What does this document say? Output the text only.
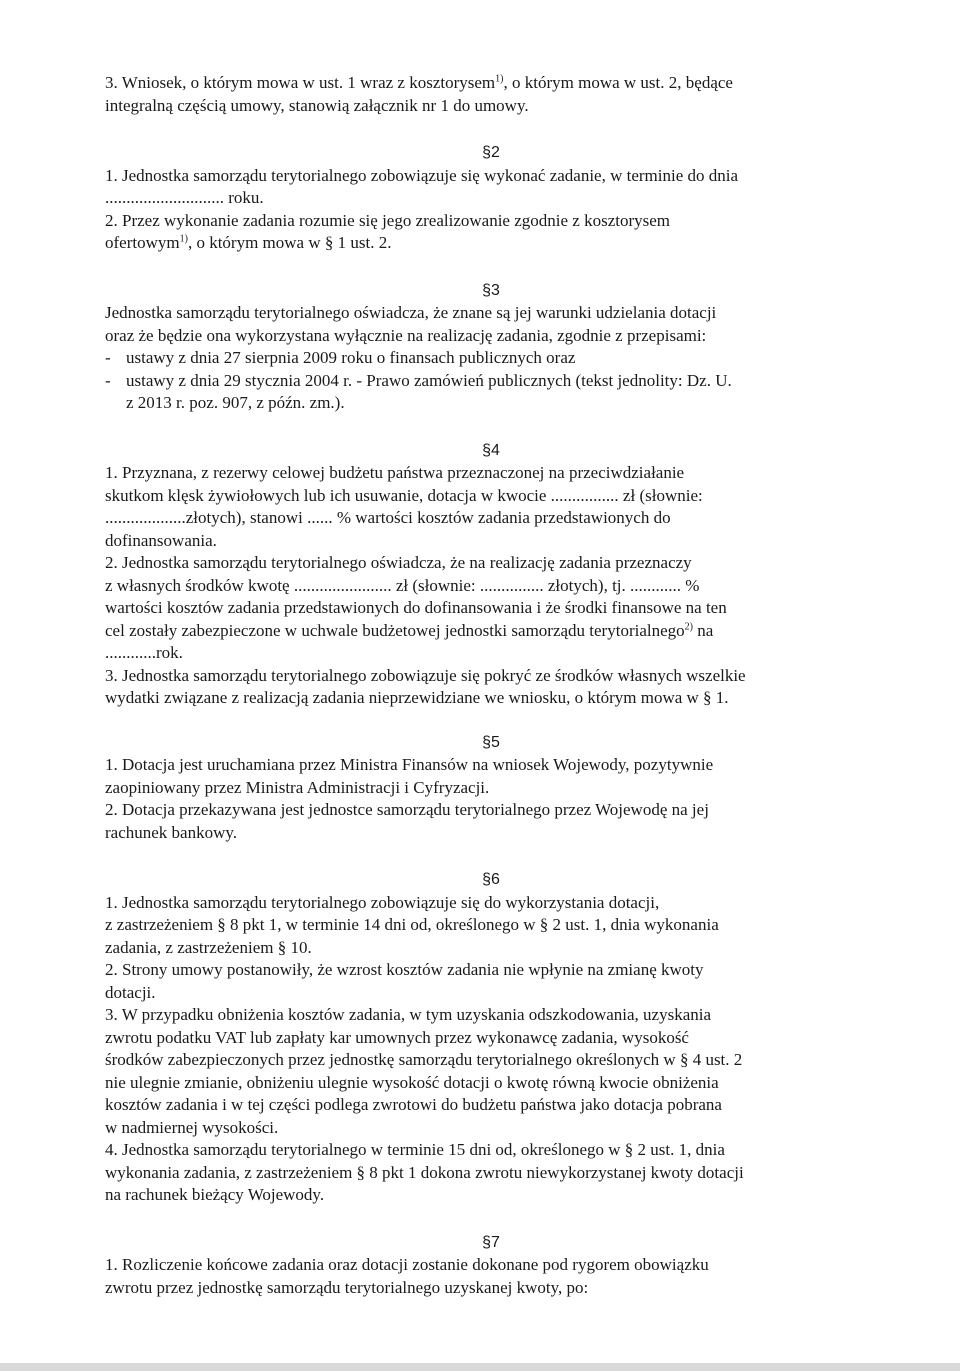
3. Wniosek, o którym mowa w ust. 1 wraz z kosztorysem$^{1)}$, o którym mowa w ust. 2, będące
integralną częścią umowy, stanowią załącznik nr 1 do umowy.

§2

1. Jednostka samorządu terytorialnego zobowiązuje się wykonać zadanie, w terminie do dnia
............................ roku.

2. Przez wykonanie zadania rozumie się jego zrealizowanie zgodnie z kosztorysem
ofertowym$^{1)}$, o którym mowa w § 1 ust. 2.

§3

Jednostka samorządu terytorialnego oświadcza, że znane są jej warunki udzielania dotacji
oraz że będzie ona wykorzystana wyłącznie na realizację zadania, zgodnie z przepisami:

- ustawy z dnia 27 sierpnia 2009 roku o finansach publicznych oraz
- ustawy z dnia 29 stycznia 2004 r. - Prawo zamówień publicznych (tekst jednolity: Dz. U.
z 2013 r. poz. 907, z późn. zm.).

§4

1. Przyznana, z rezerwy celowej budżetu państwa przeznaczonej na przeciwdziałanie
skutkom klęsk żywiołowych lub ich usuwanie, dotacja w kwocie ................ zł (słownie:
...................złotych), stanowi ...... % wartości kosztów zadania przedstawionych do
dofinansowania.

2. Jednostka samorządu terytorialnego oświadcza, że na realizację zadania przeznaczy
z własnych środków kwotę ....................... zł (słownie: ............... złotych), tj. ............ %
wartości kosztów zadania przedstawionych do dofinansowania i że środki finansowe na ten
cel zostały zabezpieczone w uchwale budżetowej jednostki samorządu terytorialnego$^{2)}$ na
............rok.

3. Jednostka samorządu terytorialnego zobowiązuje się pokryć ze środków własnych wszelkie
wydatki związane z realizacją zadania nieprzewidziane we wniosku, o którym mowa w § 1.

§5

1. Dotacja jest uruchamiana przez Ministra Finansów na wniosek Wojewody, pozytywnie
zaopiniowany przez Ministra Administracji i Cyfryzacji.

2. Dotacja przekazywana jest jednostce samorządu terytorialnego przez Wojewodę na jej
rachunek bankowy.

§6

1. Jednostka samorządu terytorialnego zobowiązuje się do wykorzystania dotacji,
z zastrzeżeniem § 8 pkt 1, w terminie 14 dni od, określonego w § 2 ust. 1, dnia wykonania
zadania, z zastrzeżeniem § 10.

2. Strony umowy postanowiły, że wzrost kosztów zadania nie wpłynie na zmianę kwoty
dotacji.

3. W przypadku obniżenia kosztów zadania, w tym uzyskania odszkodowania, uzyskania
zwrotu podatku VAT lub zapłaty kar umownych przez wykonawcę zadania, wysokość
środków zabezpieczonych przez jednostkę samorządu terytorialnego określonych w § 4 ust. 2
nie ulegnie zmianie, obniżeniu ulegnie wysokość dotacji o kwotę równą kwocie obniżenia
kosztów zadania i w tej części podlega zwrotowi do budżetu państwa jako dotacja pobrana
w nadmiernej wysokości.

4. Jednostka samorządu terytorialnego w terminie 15 dni od, określonego w § 2 ust. 1, dnia
wykonania zadania, z zastrzeżeniem § 8 pkt 1 dokona zwrotu niewykorzystanej kwoty dotacji
na rachunek bieżący Wojewody.

§7

1. Rozliczenie końcowe zadania oraz dotacji zostanie dokonane pod rygorem obowiązku
zwrotu przez jednostkę samorządu terytorialnego uzyskanej kwoty, po:
